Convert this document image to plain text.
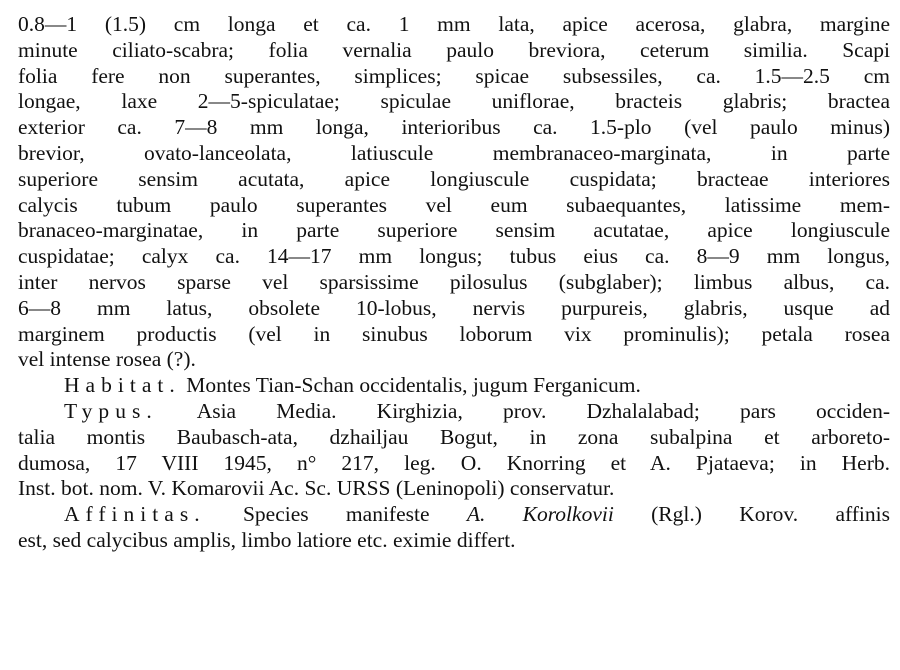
0.8—1 (1.5) cm longa et ca. 1 mm lata, apice acerosa, glabra, margine
minute ciliato-scabra; folia vernalia paulo breviora, ceterum similia. Scapi
folia fere non superantes, simplices; spicae subsessiles, ca. 1.5—2.5 cm
longae, laxe 2—5-spiculatae; spiculae uniflorae, bracteis glabris; bractea
exterior ca. 7—8 mm longa, interioribus ca. 1.5-plo (vel paulo minus)
brevior, ovato-lanceolata, latiuscule membranaceo-marginata, in parte
superiore sensim acutata, apice longiuscule cuspidata; bracteae interiores
calycis tubum paulo superantes vel eum subaequantes, latissime mem-
branaceo-marginatae, in parte superiore sensim acutatae, apice longiuscule
cuspidatae; calyx ca. 14—17 mm longus; tubus eius ca. 8—9 mm longus,
inter nervos sparse vel sparsissime pilosulus (subglaber); limbus albus, ca.
6—8 mm latus, obsolete 10-lobus, nervis purpureis, glabris, usque ad
marginem productis (vel in sinubus loborum vix prominulis); petala rosea
vel intense rosea (?).
Habitat. Montes Tian-Schan occidentalis, jugum Ferganicum.
Typus. Asia Media. Kirghizia, prov. Dzhalalabad; pars occiden-
talia montis Baubasch-ata, dzhailjau Bogut, in zona subalpina et arboreto-
dumosa, 17 VIII 1945, n° 217, leg. O. Knorring et A. Pjataeva; in Herb.
Inst. bot. nom. V. Komarovii Ac. Sc. URSS (Leninopoli) conservatur.
Affinitas. Species manifeste A. Korolkovii (Rgl.) Korov. affinis
est, sed calycibus amplis, limbo latiore etc. eximie differt.
